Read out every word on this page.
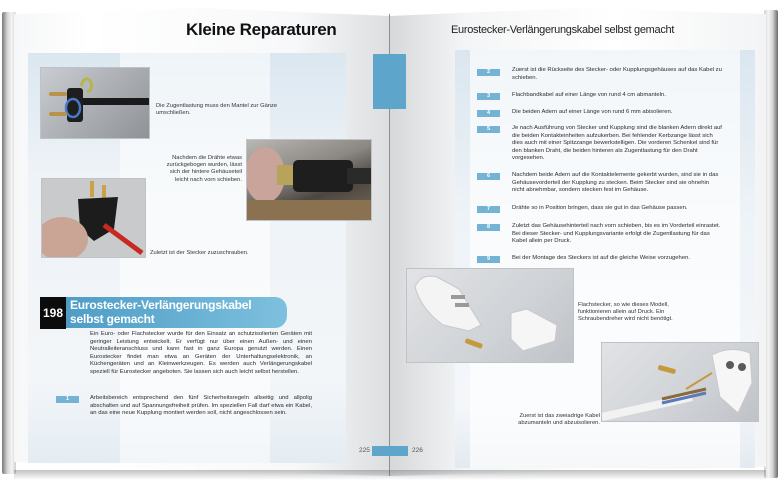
Kleine Reparaturen	Eurostecker-Verlängerungskabel selbst gemacht
Die Zugentlastung muss den Mantel zur Gänze umschließen.
Nachdem die Drähte etwas zurückgebogen wurden, lässt sich der hintere Gehäuseteil leicht nach vorn schieben.
Zuletzt ist der Stecker zuzuschrauben.
198
Eurostecker-Verlängerungskabel selbst gemacht
Ein Euro- oder Flachstecker wurde für den Einsatz an schutzisolierten Geräten mit geringer Leistung entwickelt. Er verfügt nur über einen Außen- und einen Neutralleiteranschluss und kann fast in ganz Europa genutzt werden. Einen Eurostecker findet man etwa an Geräten der Unterhaltungselektronik, an Küchengeräten und an Kleinwerkzeugen. Es werden auch Verlängerungskabel speziell für Eurostecker angeboten. Sie lassen sich auch leicht selbst herstellen.
1	Arbeitsbereich entsprechend den fünf Sicherheitsregeln allseitig und allpolig abschalten und auf Spannungsfreiheit prüfen. Im speziellen Fall darf etwa ein Kabel, an das eine neue Kupplung montiert werden soll, nicht angeschlossen sein.
225
2	Zuerst ist die Rückseite des Stecker- oder Kupplungsgehäuses auf das Kabel zu schieben.
3	Flachbandkabel auf einer Länge von rund 4 cm abmanteln.
4	Die beiden Adern auf einer Länge von rund 6 mm abisolieren.
5	Je nach Ausführung von Stecker und Kupplung sind die blanken Adern direkt auf die beiden Kontakteinheiten aufzukerben. Bei fehlender Kerbzange lässt sich dies auch mit einer Spitzzange bewerkstelligen. Die vorderen Schenkel sind für den blanken Draht, die beiden hinteren als Zugentlastung für den Draht vorgesehen.
6	Nachdem beide Adern auf die Kontaktelemente gekerbt wurden, sind sie in das Gehäusevorderteil der Kupplung zu stecken. Beim Stecker sind sie ohnehin nicht abnehmbar, sondern stecken fest im Gehäuse.
7	Drähte so in Position bringen, dass sie gut in das Gehäuse passen.
8	Zuletzt das Gehäusehinterteil nach vorn schieben, bis es im Vorderteil einrastet. Bei dieser Stecker- und Kupplungsvariante erfolgt die Zugentlastung für das Kabel allein per Druck.
9	Bei der Montage des Steckers ist auf die gleiche Weise vorzugehen.
Flachstecker, so wie dieses Modell, funktionieren allein auf Druck. Ein Schraubendreher wird nicht benötigt.
Zuerst ist das zweiadrige Kabel abzumanteln und abzuisolieren.
226
